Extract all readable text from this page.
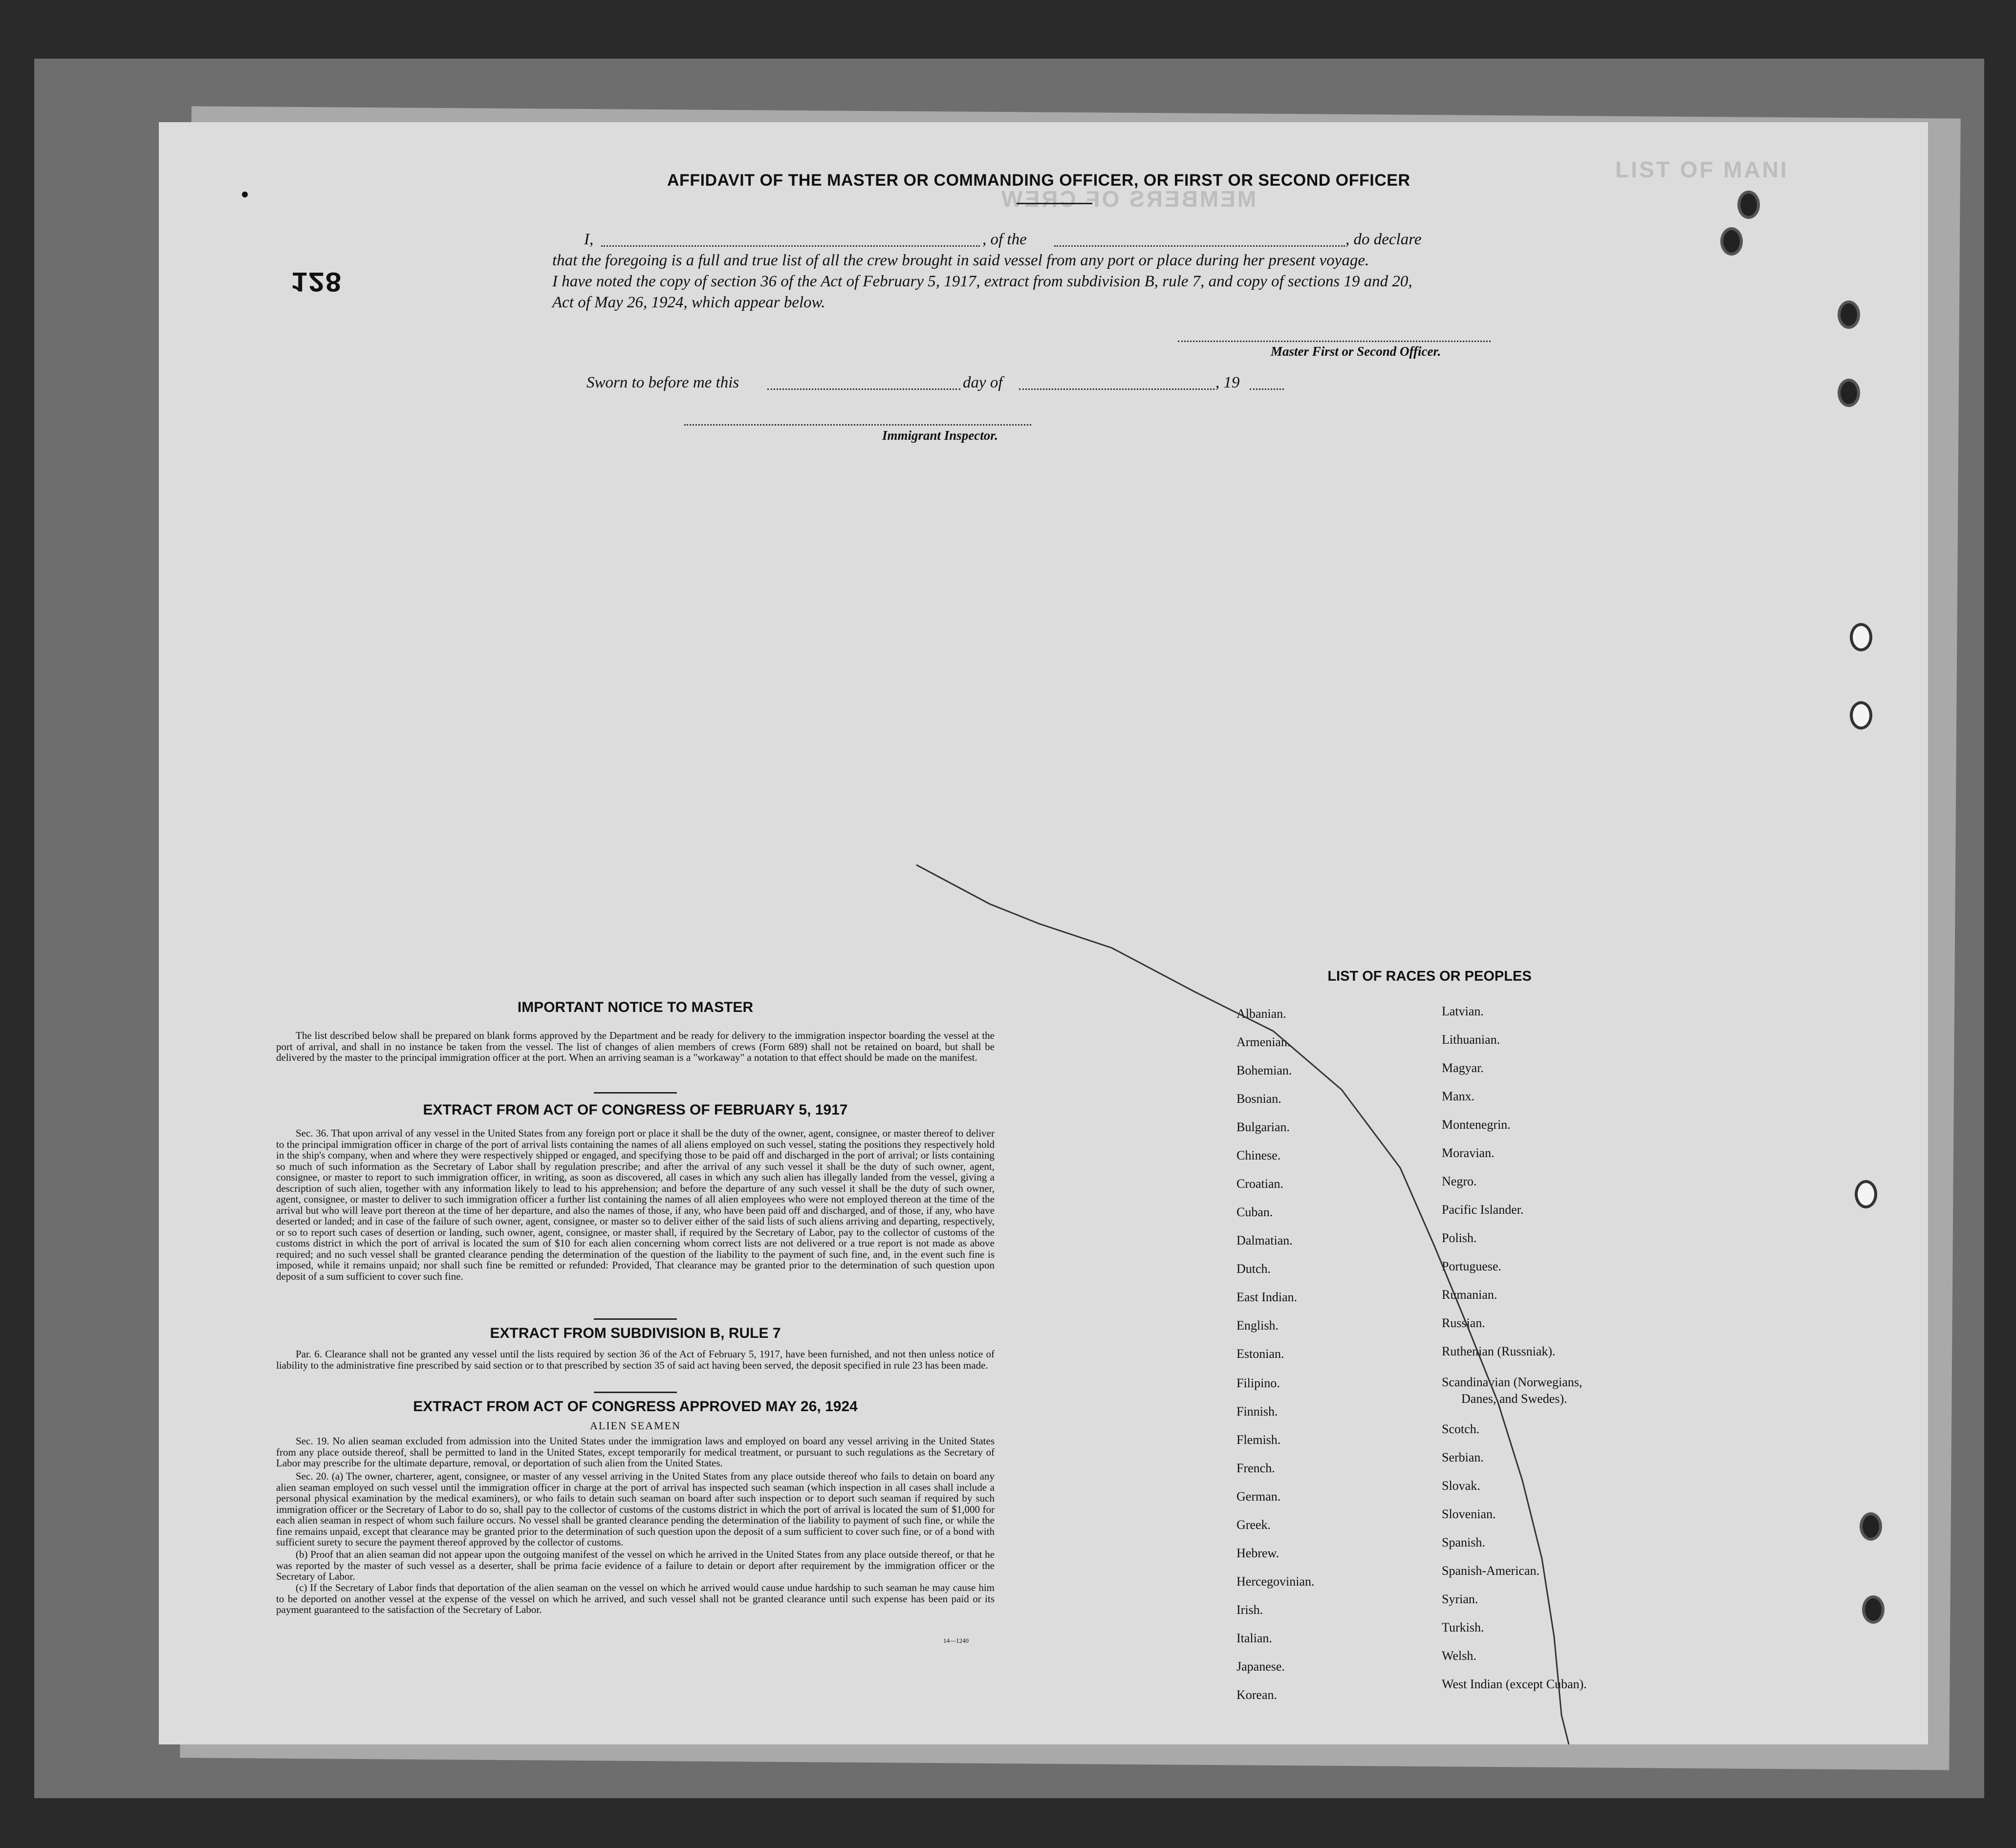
LIST OF MANI
MEMBERS OF CREW
128
AFFIDAVIT OF THE MASTER OR COMMANDING OFFICER, OR FIRST OR SECOND OFFICER
I,	, of the	, do declare
that the foregoing is a full and true list of all the crew brought in said vessel from any port or place during her present voyage.
I have noted the copy of section 36 of the Act of February 5, 1917, extract from subdivision B, rule 7, and copy of sections 19 and 20,
Act of May 26, 1924, which appear below.
Master First or Second Officer.
Sworn to before me this	day of	, 19
Immigrant Inspector.
IMPORTANT NOTICE TO MASTER
The list described below shall be prepared on blank forms approved by the Department and be ready for delivery to the immigration inspector boarding the vessel at the port of arrival, and shall in no instance be taken from the vessel. The list of changes of alien members of crews (Form 689) shall not be retained on board, but shall be delivered by the master to the principal immigration officer at the port. When an arriving seaman is a "workaway" a notation to that effect should be made on the manifest.
EXTRACT FROM ACT OF CONGRESS OF FEBRUARY 5, 1917
Sec. 36. That upon arrival of any vessel in the United States from any foreign port or place it shall be the duty of the owner, agent, consignee, or master thereof to deliver to the principal immigration officer in charge of the port of arrival lists containing the names of all aliens employed on such vessel, stating the positions they respectively hold in the ship's company, when and where they were respectively shipped or engaged, and specifying those to be paid off and discharged in the port of arrival; or lists containing so much of such information as the Secretary of Labor shall by regulation prescribe; and after the arrival of any such vessel it shall be the duty of such owner, agent, consignee, or master to report to such immigration officer, in writing, as soon as discovered, all cases in which any such alien has illegally landed from the vessel, giving a description of such alien, together with any information likely to lead to his apprehension; and before the departure of any such vessel it shall be the duty of such owner, agent, consignee, or master to deliver to such immigration officer a further list containing the names of all alien employees who were not employed thereon at the time of the arrival but who will leave port thereon at the time of her departure, and also the names of those, if any, who have been paid off and discharged, and of those, if any, who have deserted or landed; and in case of the failure of such owner, agent, consignee, or master so to deliver either of the said lists of such aliens arriving and departing, respectively, or so to report such cases of desertion or landing, such owner, agent, consignee, or master shall, if required by the Secretary of Labor, pay to the collector of customs of the customs district in which the port of arrival is located the sum of $10 for each alien concerning whom correct lists are not delivered or a true report is not made as above required; and no such vessel shall be granted clearance pending the determination of the question of the liability to the payment of such fine, and, in the event such fine is imposed, while it remains unpaid; nor shall such fine be remitted or refunded: Provided, That clearance may be granted prior to the determination of such question upon deposit of a sum sufficient to cover such fine.
EXTRACT FROM SUBDIVISION B, RULE 7
Par. 6. Clearance shall not be granted any vessel until the lists required by section 36 of the Act of February 5, 1917, have been furnished, and not then unless notice of liability to the administrative fine prescribed by said section or to that prescribed by section 35 of said act having been served, the deposit specified in rule 23 has been made.
EXTRACT FROM ACT OF CONGRESS APPROVED MAY 26, 1924
ALIEN SEAMEN
Sec. 19. No alien seaman excluded from admission into the United States under the immigration laws and employed on board any vessel arriving in the United States from any place outside thereof, shall be permitted to land in the United States, except temporarily for medical treatment, or pursuant to such regulations as the Secretary of Labor may prescribe for the ultimate departure, removal, or deportation of such alien from the United States.
Sec. 20. (a) The owner, charterer, agent, consignee, or master of any vessel arriving in the United States from any place outside thereof who fails to detain on board any alien seaman employed on such vessel until the immigration officer in charge at the port of arrival has inspected such seaman (which inspection in all cases shall include a personal physical examination by the medical examiners), or who fails to detain such seaman on board after such inspection or to deport such seaman if required by such immigration officer or the Secretary of Labor to do so, shall pay to the collector of customs of the customs district in which the port of arrival is located the sum of $1,000 for each alien seaman in respect of whom such failure occurs. No vessel shall be granted clearance pending the determination of the liability to payment of such fine, or while the fine remains unpaid, except that clearance may be granted prior to the determination of such question upon the deposit of a sum sufficient to cover such fine, or of a bond with sufficient surety to secure the payment thereof approved by the collector of customs.
(b) Proof that an alien seaman did not appear upon the outgoing manifest of the vessel on which he arrived in the United States from any place outside thereof, or that he was reported by the master of such vessel as a deserter, shall be prima facie evidence of a failure to detain or deport after requirement by the immigration officer or the Secretary of Labor.
(c) If the Secretary of Labor finds that deportation of the alien seaman on the vessel on which he arrived would cause undue hardship to such seaman he may cause him to be deported on another vessel at the expense of the vessel on which he arrived, and such vessel shall not be granted clearance until such expense has been paid or its payment guaranteed to the satisfaction of the Secretary of Labor.
14—1240
LIST OF RACES OR PEOPLES
Albanian.
Armenian.
Bohemian.
Bosnian.
Bulgarian.
Chinese.
Croatian.
Cuban.
Dalmatian.
Dutch.
East Indian.
English.
Estonian.
Filipino.
Finnish.
Flemish.
French.
German.
Greek.
Hebrew.
Hercegovinian.
Irish.
Italian.
Japanese.
Korean.
Latvian.
Lithuanian.
Magyar.
Manx.
Montenegrin.
Moravian.
Negro.
Pacific Islander.
Polish.
Portuguese.
Rumanian.
Russian.
Ruthenian (Russniak).
Scandinavian (Norwegians,
Danes, and Swedes).
Scotch.
Serbian.
Slovak.
Slovenian.
Spanish.
Spanish-American.
Syrian.
Turkish.
Welsh.
West Indian (except Cuban).
